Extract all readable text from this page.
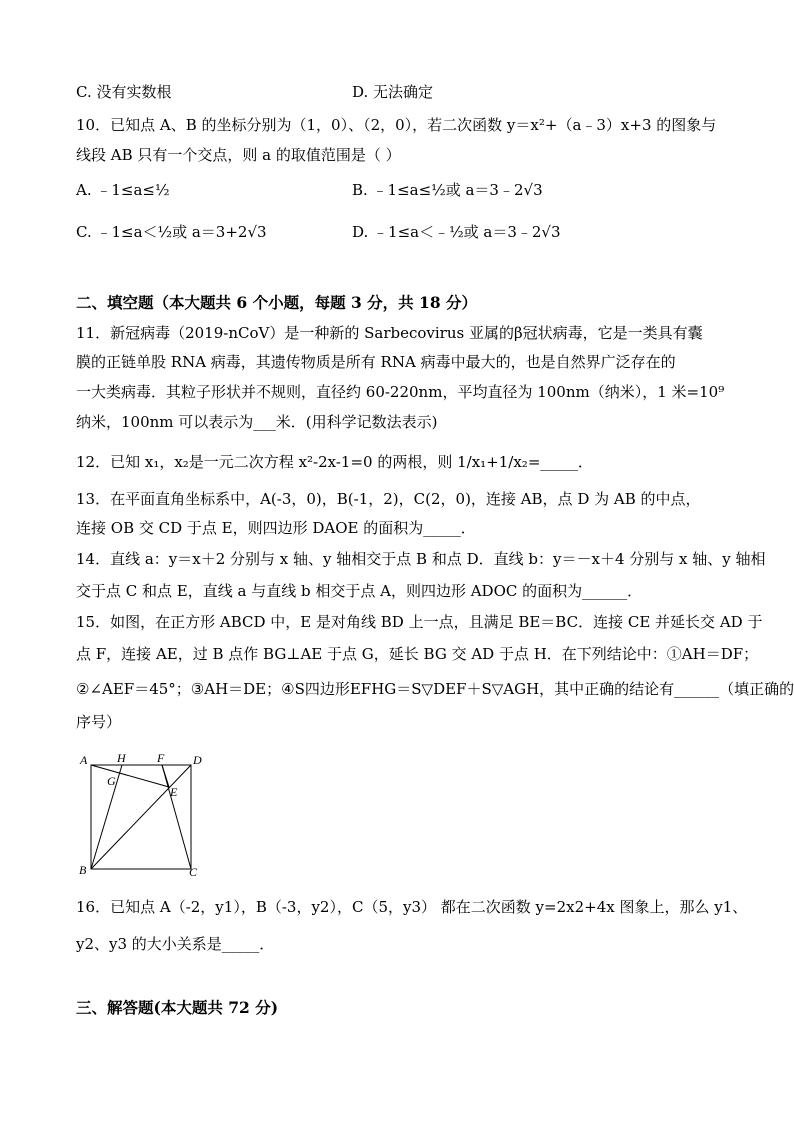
C. 没有实数根	D. 无法确定
10．已知点 A、B 的坐标分别为（1，0）、（2，0），若二次函数 y＝x²+（a﹣3）x+3 的图象与
线段 AB 只有一个交点，则 a 的取值范围是（ ）
A. ﹣1≤a≤½	B. ﹣1≤a≤½或 a＝3﹣2√3
C. ﹣1≤a＜½或 a＝3+2√3	D. ﹣1≤a＜﹣½或 a＝3﹣2√3
二、填空题（本大题共 6 个小题，每题 3 分，共 18 分）
11．新冠病毒（2019-nCoV）是一种新的 Sarbecovirus 亚属的β冠状病毒，它是一类具有囊
膜的正链单股 RNA 病毒，其遗传物质是所有 RNA 病毒中最大的，也是自然界广泛存在的
一大类病毒．其粒子形状并不规则，直径约 60-220nm，平均直径为 100nm（纳米），1 米=10⁹
纳米，100nm 可以表示为___米．(用科学记数法表示)
12．已知 x₁，x₂是一元二次方程 x²-2x-1=0 的两根，则 1/x₁+1/x₂=_____．
13．在平面直角坐标系中，A(-3，0)，B(-1，2)，C(2，0)，连接 AB，点 D 为 AB 的中点，
连接 OB 交 CD 于点 E，则四边形 DAOE 的面积为_____．
14．直线 a：y＝x＋2 分别与 x 轴、y 轴相交于点 B 和点 D．直线 b：y＝－x＋4 分别与 x 轴、y 轴相
交于点 C 和点 E，直线 a 与直线 b 相交于点 A，则四边形 ADOC 的面积为______．
15．如图，在正方形 ABCD 中，E 是对角线 BD 上一点，且满足 BE＝BC．连接 CE 并延长交 AD 于
点 F，连接 AE，过 B 点作 BG⊥AE 于点 G，延长 BG 交 AD 于点 H．在下列结论中：①AH＝DF；
②∠AEF＝45°；③AH＝DE；④S四边形EFHG＝S▽DEF＋S▽AGH，其中正确的结论有______（填正确的
序号）
A H	F D
G
E
B	C
16．已知点 A（-2，y1），B（-3，y2），C（5，y3） 都在二次函数 y=2x2+4x 图象上，那么 y1、
y2、y3 的大小关系是_____．
三、解答题(本大题共 72 分)
